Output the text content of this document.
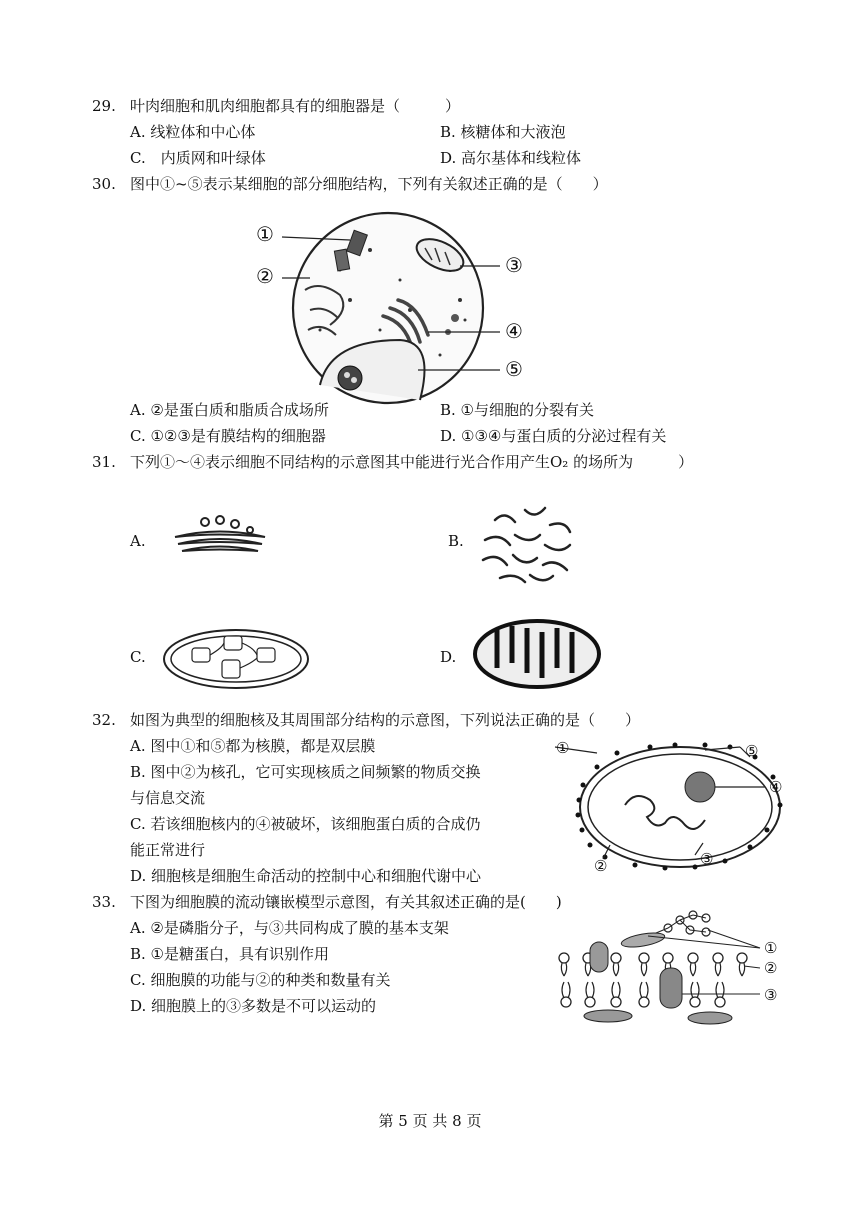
29. 叶肉细胞和肌肉细胞都具有的细胞器是（　　　）
A. 线粒体和中心体	B. 核糖体和大液泡
C.　内质网和叶绿体	D. 高尔基体和线粒体
30. 图中①~⑤表示某细胞的部分细胞结构，下列有关叙述正确的是（　　）
①
②	③
④
⑤
A. ②是蛋白质和脂质合成场所	B. ①与细胞的分裂有关
C. ①②③是有膜结构的细胞器	D. ①③④与蛋白质的分泌过程有关
31. 下列①～④表示细胞不同结构的示意图其中能进行光合作用产生O₂ 的场所为　　　）
A.	B.
C.	D.
32. 如图为典型的细胞核及其周围部分结构的示意图，下列说法正确的是（　　）
A. 图中①和⑤都为核膜，都是双层膜
B. 图中②为核孔，它可实现核质之间频繁的物质交换
与信息交流
C. 若该细胞核内的④被破坏，该细胞蛋白质的合成仍
能正常进行
D. 细胞核是细胞生命活动的控制中心和细胞代谢中心
①
②	③
④
⑤
33. 下图为细胞膜的流动镶嵌模型示意图，有关其叙述正确的是(　　)
A. ②是磷脂分子，与③共同构成了膜的基本支架
B. ①是糖蛋白，具有识别作用
C. 细胞膜的功能与②的种类和数量有关
D. 细胞膜上的③多数是不可以运动的
①
②
③
第 5 页 共 8 页
